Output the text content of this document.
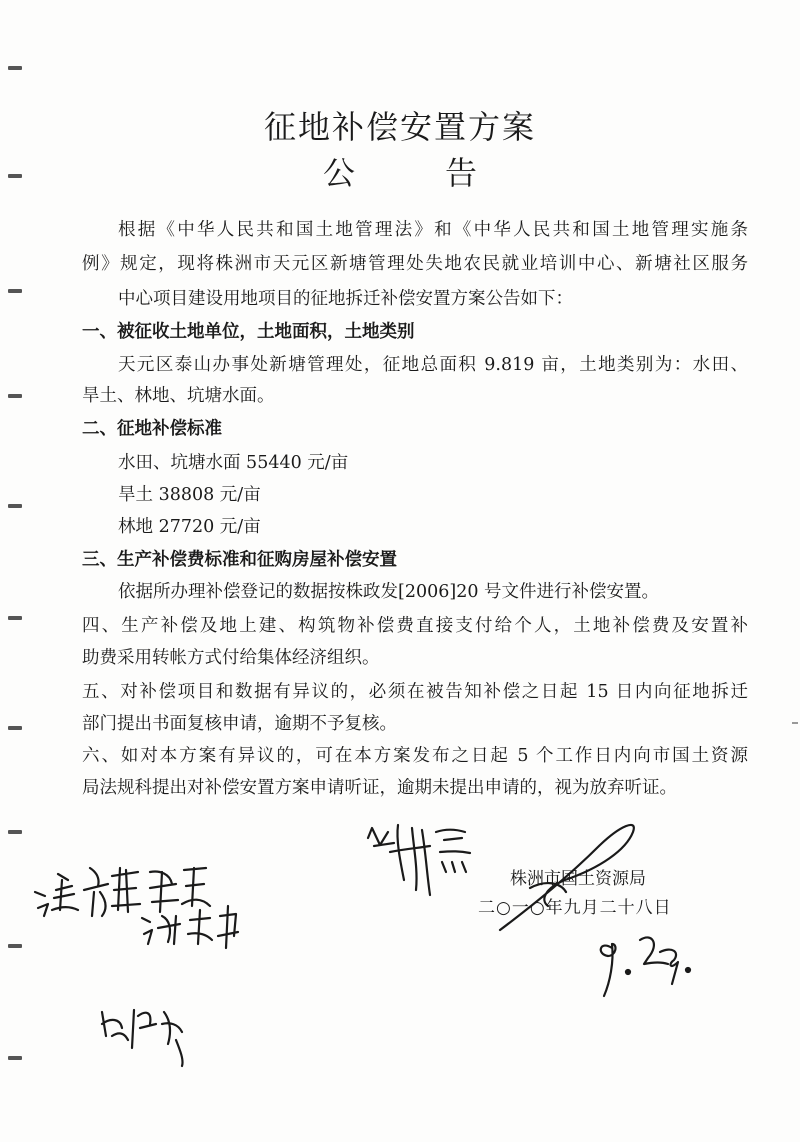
征地补偿安置方案
公告
根据《中华人民共和国土地管理法》和《中华人民共和国土地管理实施条
例》规定，现将株洲市天元区新塘管理处失地农民就业培训中心、新塘社区服务
中心项目建设用地项目的征地拆迁补偿安置方案公告如下：
一、被征收土地单位，土地面积，土地类别
天元区泰山办事处新塘管理处，征地总面积 9.819 亩，土地类别为：水田、
旱土、林地、坑塘水面。
二、征地补偿标准
水田、坑塘水面 55440 元/亩
旱土 38808 元/亩
林地 27720 元/亩
三、生产补偿费标准和征购房屋补偿安置
依据所办理补偿登记的数据按株政发[2006]20 号文件进行补偿安置。
四、生产补偿及地上建、构筑物补偿费直接支付给个人，土地补偿费及安置补
助费采用转帐方式付给集体经济组织。
五、对补偿项目和数据有异议的，必须在被告知补偿之日起 15 日内向征地拆迁
部门提出书面复核申请，逾期不予复核。
六、如对本方案有异议的，可在本方案发布之日起 5 个工作日内向市国土资源
局法规科提出对补偿安置方案申请听证，逾期未提出申请的，视为放弃听证。
株洲市国土资源局
二○一○年九月二十八日
请翟平审定
谢之中
陈彪
9.29.
